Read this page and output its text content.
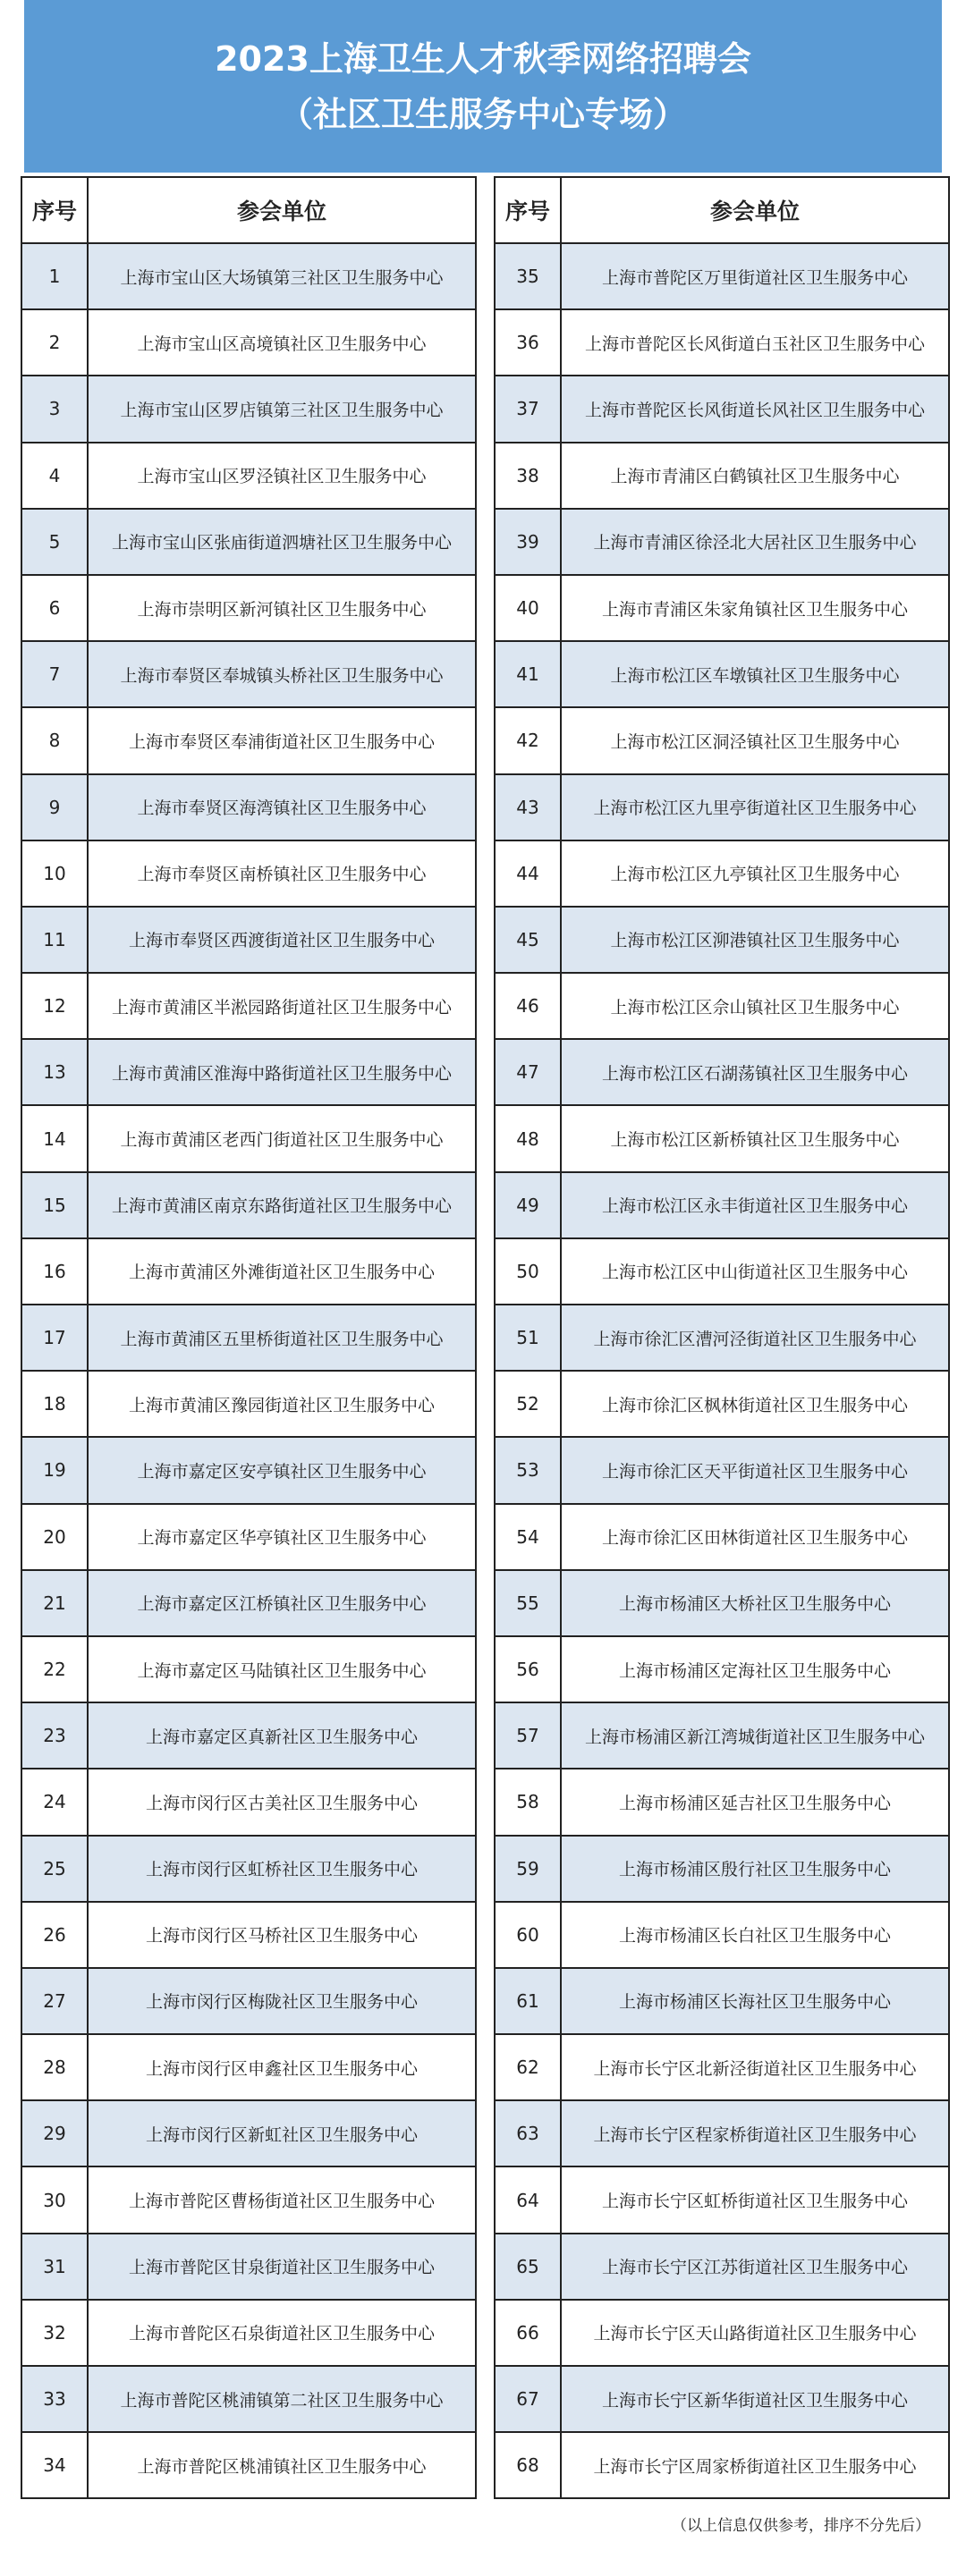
2023上海卫生人才秋季网络招聘会
（社区卫生服务中心专场）
序号	参会单位
1	上海市宝山区大场镇第三社区卫生服务中心
2	上海市宝山区高境镇社区卫生服务中心
3	上海市宝山区罗店镇第三社区卫生服务中心
4	上海市宝山区罗泾镇社区卫生服务中心
5	上海市宝山区张庙街道泗塘社区卫生服务中心
6	上海市崇明区新河镇社区卫生服务中心
7	上海市奉贤区奉城镇头桥社区卫生服务中心
8	上海市奉贤区奉浦街道社区卫生服务中心
9	上海市奉贤区海湾镇社区卫生服务中心
10	上海市奉贤区南桥镇社区卫生服务中心
11	上海市奉贤区西渡街道社区卫生服务中心
12	上海市黄浦区半淞园路街道社区卫生服务中心
13	上海市黄浦区淮海中路街道社区卫生服务中心
14	上海市黄浦区老西门街道社区卫生服务中心
15	上海市黄浦区南京东路街道社区卫生服务中心
16	上海市黄浦区外滩街道社区卫生服务中心
17	上海市黄浦区五里桥街道社区卫生服务中心
18	上海市黄浦区豫园街道社区卫生服务中心
19	上海市嘉定区安亭镇社区卫生服务中心
20	上海市嘉定区华亭镇社区卫生服务中心
21	上海市嘉定区江桥镇社区卫生服务中心
22	上海市嘉定区马陆镇社区卫生服务中心
23	上海市嘉定区真新社区卫生服务中心
24	上海市闵行区古美社区卫生服务中心
25	上海市闵行区虹桥社区卫生服务中心
26	上海市闵行区马桥社区卫生服务中心
27	上海市闵行区梅陇社区卫生服务中心
28	上海市闵行区申鑫社区卫生服务中心
29	上海市闵行区新虹社区卫生服务中心
30	上海市普陀区曹杨街道社区卫生服务中心
31	上海市普陀区甘泉街道社区卫生服务中心
32	上海市普陀区石泉街道社区卫生服务中心
33	上海市普陀区桃浦镇第二社区卫生服务中心
34	上海市普陀区桃浦镇社区卫生服务中心
序号	参会单位
35	上海市普陀区万里街道社区卫生服务中心
36	上海市普陀区长风街道白玉社区卫生服务中心
37	上海市普陀区长风街道长风社区卫生服务中心
38	上海市青浦区白鹤镇社区卫生服务中心
39	上海市青浦区徐泾北大居社区卫生服务中心
40	上海市青浦区朱家角镇社区卫生服务中心
41	上海市松江区车墩镇社区卫生服务中心
42	上海市松江区洞泾镇社区卫生服务中心
43	上海市松江区九里亭街道社区卫生服务中心
44	上海市松江区九亭镇社区卫生服务中心
45	上海市松江区泖港镇社区卫生服务中心
46	上海市松江区佘山镇社区卫生服务中心
47	上海市松江区石湖荡镇社区卫生服务中心
48	上海市松江区新桥镇社区卫生服务中心
49	上海市松江区永丰街道社区卫生服务中心
50	上海市松江区中山街道社区卫生服务中心
51	上海市徐汇区漕河泾街道社区卫生服务中心
52	上海市徐汇区枫林街道社区卫生服务中心
53	上海市徐汇区天平街道社区卫生服务中心
54	上海市徐汇区田林街道社区卫生服务中心
55	上海市杨浦区大桥社区卫生服务中心
56	上海市杨浦区定海社区卫生服务中心
57	上海市杨浦区新江湾城街道社区卫生服务中心
58	上海市杨浦区延吉社区卫生服务中心
59	上海市杨浦区殷行社区卫生服务中心
60	上海市杨浦区长白社区卫生服务中心
61	上海市杨浦区长海社区卫生服务中心
62	上海市长宁区北新泾街道社区卫生服务中心
63	上海市长宁区程家桥街道社区卫生服务中心
64	上海市长宁区虹桥街道社区卫生服务中心
65	上海市长宁区江苏街道社区卫生服务中心
66	上海市长宁区天山路街道社区卫生服务中心
67	上海市长宁区新华街道社区卫生服务中心
68	上海市长宁区周家桥街道社区卫生服务中心
（以上信息仅供参考，排序不分先后）
